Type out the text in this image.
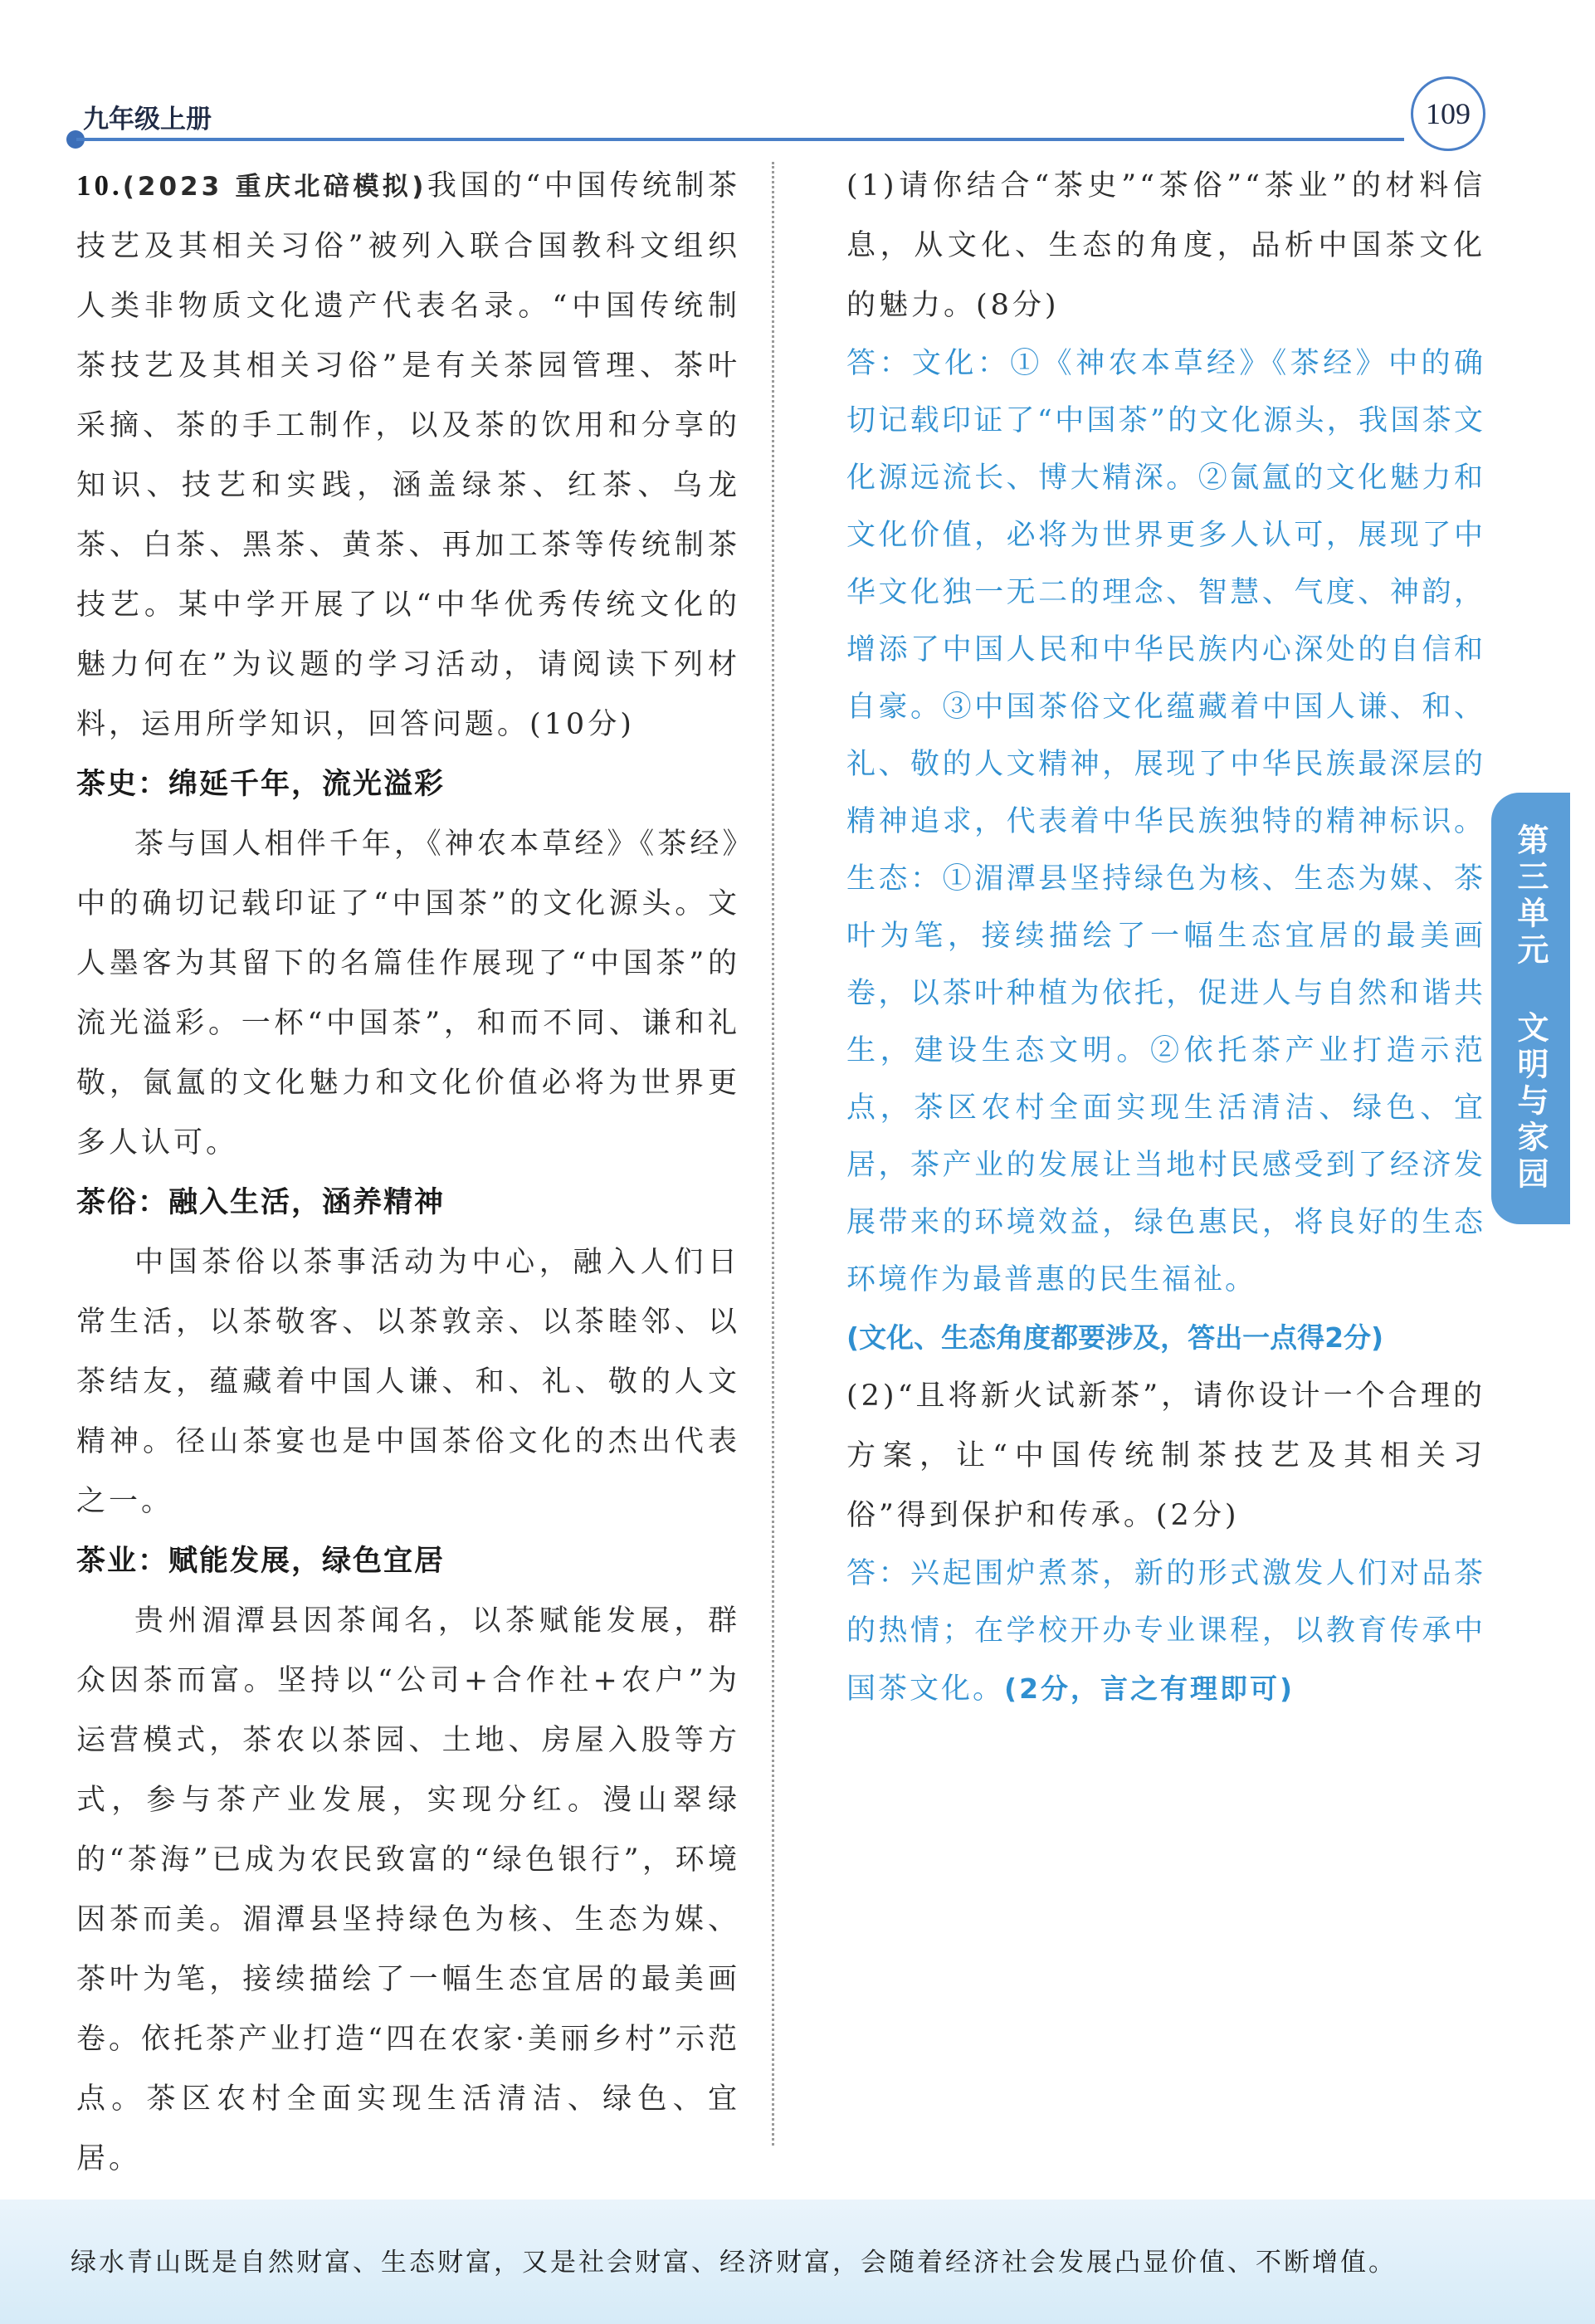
九年级上册	109

10.(2023 重庆北碚模拟)我国的“中国传统制茶技艺及其相关习俗”被列入联合国教科文组织人类非物质文化遗产代表名录。“中国传统制茶技艺及其相关习俗”是有关茶园管理、茶叶采摘、茶的手工制作，以及茶的饮用和分享的知识、技艺和实践，涵盖绿茶、红茶、乌龙茶、白茶、黑茶、黄茶、再加工茶等传统制茶技艺。某中学开展了以“中华优秀传统文化的魅力何在”为议题的学习活动，请阅读下列材料，运用所学知识，回答问题。(10分)

茶史：绵延千年，流光溢彩

茶与国人相伴千年，《神农本草经》《茶经》中的确切记载印证了“中国茶”的文化源头。文人墨客为其留下的名篇佳作展现了“中国茶”的流光溢彩。一杯“中国茶”，和而不同、谦和礼敬，氤氲的文化魅力和文化价值必将为世界更多人认可。

茶俗：融入生活，涵养精神

中国茶俗以茶事活动为中心，融入人们日常生活，以茶敬客、以茶敦亲、以茶睦邻、以茶结友，蕴藏着中国人谦、和、礼、敬的人文精神。径山茶宴也是中国茶俗文化的杰出代表之一。

茶业：赋能发展，绿色宜居

贵州湄潭县因茶闻名，以茶赋能发展，群众因茶而富。坚持以“公司+合作社+农户”为运营模式，茶农以茶园、土地、房屋入股等方式，参与茶产业发展，实现分红。漫山翠绿的“茶海”已成为农民致富的“绿色银行”，环境因茶而美。湄潭县坚持绿色为核、生态为媒、茶叶为笔，接续描绘了一幅生态宜居的最美画卷。依托茶产业打造“四在农家·美丽乡村”示范点。茶区农村全面实现生活清洁、绿色、宜居。

(1)请你结合“茶史”“茶俗”“茶业”的材料信息，从文化、生态的角度，品析中国茶文化的魅力。(8分)

答：文化：①《神农本草经》《茶经》中的确切记载印证了“中国茶”的文化源头，我国茶文化源远流长、博大精深。②氤氲的文化魅力和文化价值，必将为世界更多人认可，展现了中华文化独一无二的理念、智慧、气度、神韵，增添了中国人民和中华民族内心深处的自信和自豪。③中国茶俗文化蕴藏着中国人谦、和、礼、敬的人文精神，展现了中华民族最深层的精神追求，代表着中华民族独特的精神标识。生态：①湄潭县坚持绿色为核、生态为媒、茶叶为笔，接续描绘了一幅生态宜居的最美画卷，以茶叶种植为依托，促进人与自然和谐共生，建设生态文明。②依托茶产业打造示范点，茶区农村全面实现生活清洁、绿色、宜居，茶产业的发展让当地村民感受到了经济发展带来的环境效益，绿色惠民，将良好的生态环境作为最普惠的民生福祉。

(文化、生态角度都要涉及，答出一点得2分)

(2)“且将新火试新茶”，请你设计一个合理的方案，让“中国传统制茶技艺及其相关习俗”得到保护和传承。(2分)

答：兴起围炉煮茶，新的形式激发人们对品茶的热情；在学校开办专业课程，以教育传承中国茶文化。(2分，言之有理即可)

第三单元 文明与家园
绿水青山既是自然财富、生态财富，又是社会财富、经济财富，会随着经济社会发展凸显价值、不断增值。
